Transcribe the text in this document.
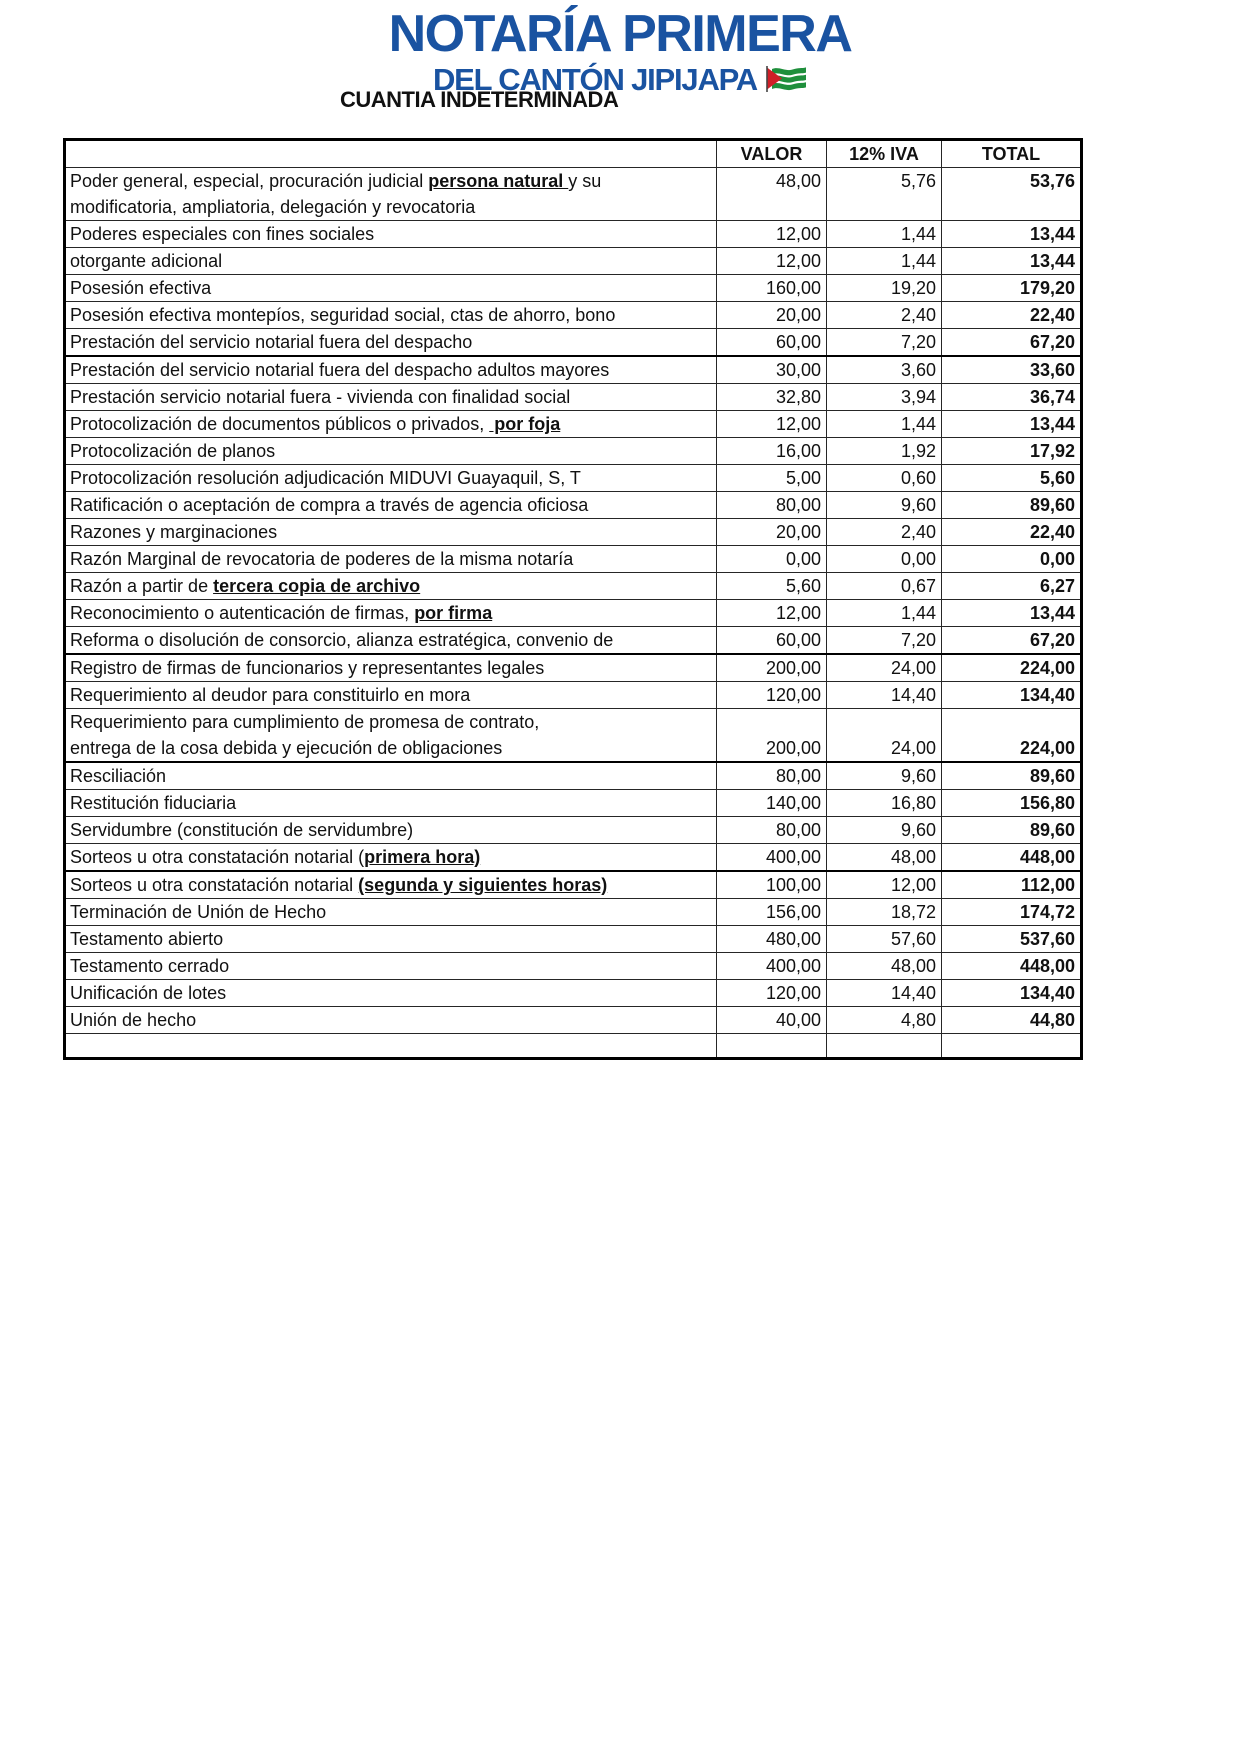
NOTARÍA PRIMERA
DEL CANTÓN JIPIJAPA
CUANTIA INDETERMINADA
	VALOR	12% IVA	TOTAL
Poder general, especial, procuración judicial persona natural y su
modificatoria, ampliatoria, delegación y revocatoria	48,00	5,76	53,76
Poderes especiales con fines sociales	12,00	1,44	13,44
otorgante adicional	12,00	1,44	13,44
Posesión efectiva	160,00	19,20	179,20
Posesión efectiva montepíos, seguridad social, ctas de ahorro, bono	20,00	2,40	22,40
Prestación del servicio notarial fuera del despacho	60,00	7,20	67,20
Prestación del servicio notarial fuera del despacho adultos mayores	30,00	3,60	33,60
Prestación servicio notarial fuera - vivienda con finalidad social	32,80	3,94	36,74
Protocolización de documentos públicos o privados,  por foja	12,00	1,44	13,44
Protocolización de planos	16,00	1,92	17,92
Protocolización resolución adjudicación MIDUVI Guayaquil, S, T	5,00	0,60	5,60
Ratificación o aceptación de compra a través de agencia oficiosa	80,00	9,60	89,60
Razones y marginaciones	20,00	2,40	22,40
Razón Marginal de revocatoria de poderes de la misma notaría	0,00	0,00	0,00
Razón a partir de tercera copia de archivo	5,60	0,67	6,27
Reconocimiento o autenticación de firmas, por firma	12,00	1,44	13,44
Reforma o disolución de consorcio, alianza estratégica, convenio de	60,00	7,20	67,20
Registro de firmas de funcionarios y representantes legales	200,00	24,00	224,00
Requerimiento al deudor para constituirlo en mora	120,00	14,40	134,40
Requerimiento para cumplimiento de promesa de contrato,
entrega de la cosa debida y ejecución de obligaciones	200,00	24,00	224,00
Resciliación	80,00	9,60	89,60
Restitución fiduciaria	140,00	16,80	156,80
Servidumbre (constitución de servidumbre)	80,00	9,60	89,60
Sorteos u otra constatación notarial (primera hora)	400,00	48,00	448,00
Sorteos u otra constatación notarial (segunda y siguientes horas)	100,00	12,00	112,00
Terminación de Unión de Hecho	156,00	18,72	174,72
Testamento abierto	480,00	57,60	537,60
Testamento cerrado	400,00	48,00	448,00
Unificación de lotes	120,00	14,40	134,40
Unión de hecho	40,00	4,80	44,80
